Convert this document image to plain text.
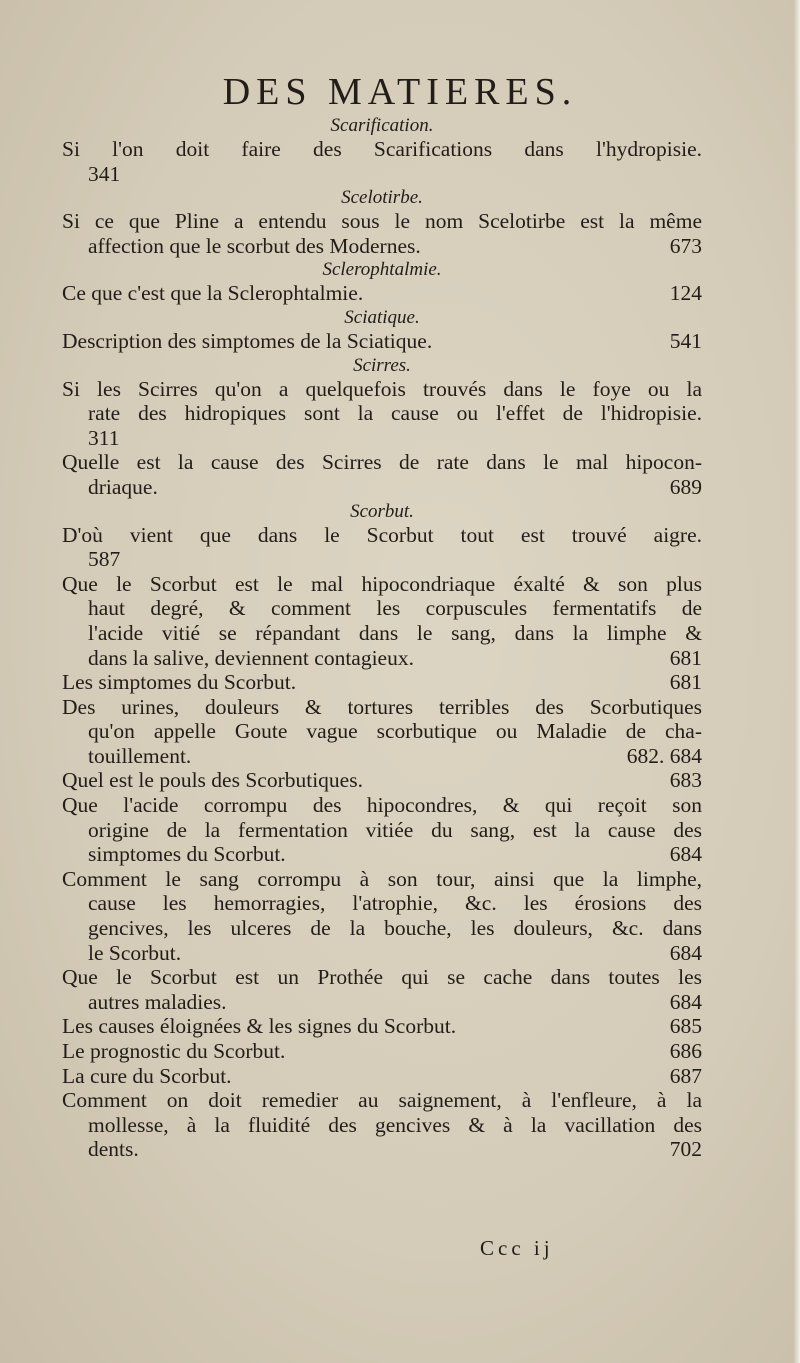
DES MATIERES.
Scarification.
Si l'on doit faire des Scarifications dans l'hydropisie.
341
Scelotirbe.
Si ce que Pline a entendu sous le nom Scelotirbe est la même
affection que le scorbut des Modernes.	673
Sclerophtalmie.
Ce que c'est que la Sclerophtalmie.	124
Sciatique.
Description des simptomes de la Sciatique.	541
Scirres.
Si les Scirres qu'on a quelquefois trouvés dans le foye ou la
rate des hidropiques sont la cause ou l'effet de l'hidropisie.
311
Quelle est la cause des Scirres de rate dans le mal hipocon-
driaque.	689
Scorbut.
D'où vient que dans le Scorbut tout est trouvé aigre.
587
Que le Scorbut est le mal hipocondriaque éxalté & son plus
haut degré, & comment les corpuscules fermentatifs de
l'acide vitié se répandant dans le sang, dans la limphe &
dans la salive, deviennent contagieux.	681
Les simptomes du Scorbut.	681
Des urines, douleurs & tortures terribles des Scorbutiques
qu'on appelle Goute vague scorbutique ou Maladie de cha-
touillement.	682. 684
Quel est le pouls des Scorbutiques.	683
Que l'acide corrompu des hipocondres, & qui reçoit son
origine de la fermentation vitiée du sang, est la cause des
simptomes du Scorbut.	684
Comment le sang corrompu à son tour, ainsi que la limphe,
cause les hemorragies, l'atrophie, &c. les érosions des
gencives, les ulceres de la bouche, les douleurs, &c. dans
le Scorbut.	684
Que le Scorbut est un Prothée qui se cache dans toutes les
autres maladies.	684
Les causes éloignées & les signes du Scorbut.	685
Le prognostic du Scorbut.	686
La cure du Scorbut.	687
Comment on doit remedier au saignement, à l'enfleure, à la
mollesse, à la fluidité des gencives & à la vacillation des
dents.	702
Ccc ij
